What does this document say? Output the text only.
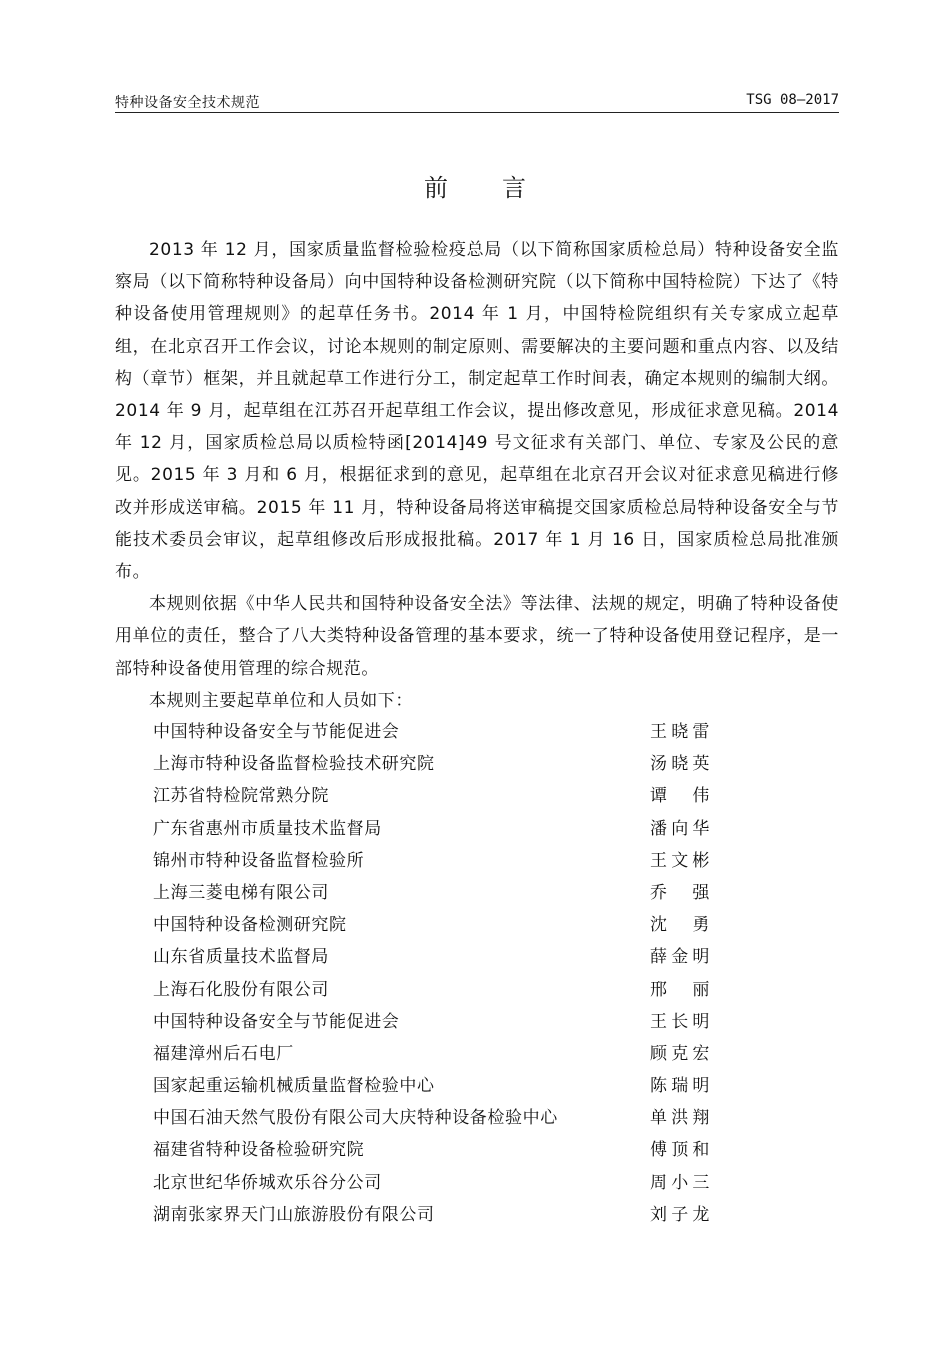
特种设备安全技术规范	TSG 08—2017
前言

2013 年 12 月，国家质量监督检验检疫总局（以下简称国家质检总局）特种设备安全监察局（以下简称特种设备局）向中国特种设备检测研究院（以下简称中国特检院）下达了《特种设备使用管理规则》的起草任务书。2014 年 1 月，中国特检院组织有关专家成立起草组，在北京召开工作会议，讨论本规则的制定原则、需要解决的主要问题和重点内容、以及结构（章节）框架，并且就起草工作进行分工，制定起草工作时间表，确定本规则的编制大纲。2014 年 9 月，起草组在江苏召开起草组工作会议，提出修改意见，形成征求意见稿。2014 年 12 月，国家质检总局以质检特函[2014]49 号文征求有关部门、单位、专家及公民的意见。2015 年 3 月和 6 月，根据征求到的意见，起草组在北京召开会议对征求意见稿进行修改并形成送审稿。2015 年 11 月，特种设备局将送审稿提交国家质检总局特种设备安全与节能技术委员会审议，起草组修改后形成报批稿。2017 年 1 月 16 日，国家质检总局批准颁布。

本规则依据《中华人民共和国特种设备安全法》等法律、法规的规定，明确了特种设备使用单位的责任，整合了八大类特种设备管理的基本要求，统一了特种设备使用登记程序，是一部特种设备使用管理的综合规范。

本规则主要起草单位和人员如下：

中国特种设备安全与节能促进会	王晓雷
上海市特种设备监督检验技术研究院	汤晓英
江苏省特检院常熟分院	谭伟
广东省惠州市质量技术监督局	潘向华
锦州市特种设备监督检验所	王文彬
上海三菱电梯有限公司	乔强
中国特种设备检测研究院	沈勇
山东省质量技术监督局	薛金明
上海石化股份有限公司	邢丽
中国特种设备安全与节能促进会	王长明
福建漳州后石电厂	顾克宏
国家起重运输机械质量监督检验中心	陈瑞明
中国石油天然气股份有限公司大庆特种设备检验中心	单洪翔
福建省特种设备检验研究院	傅顶和
北京世纪华侨城欢乐谷分公司	周小三
湖南张家界天门山旅游股份有限公司	刘子龙
